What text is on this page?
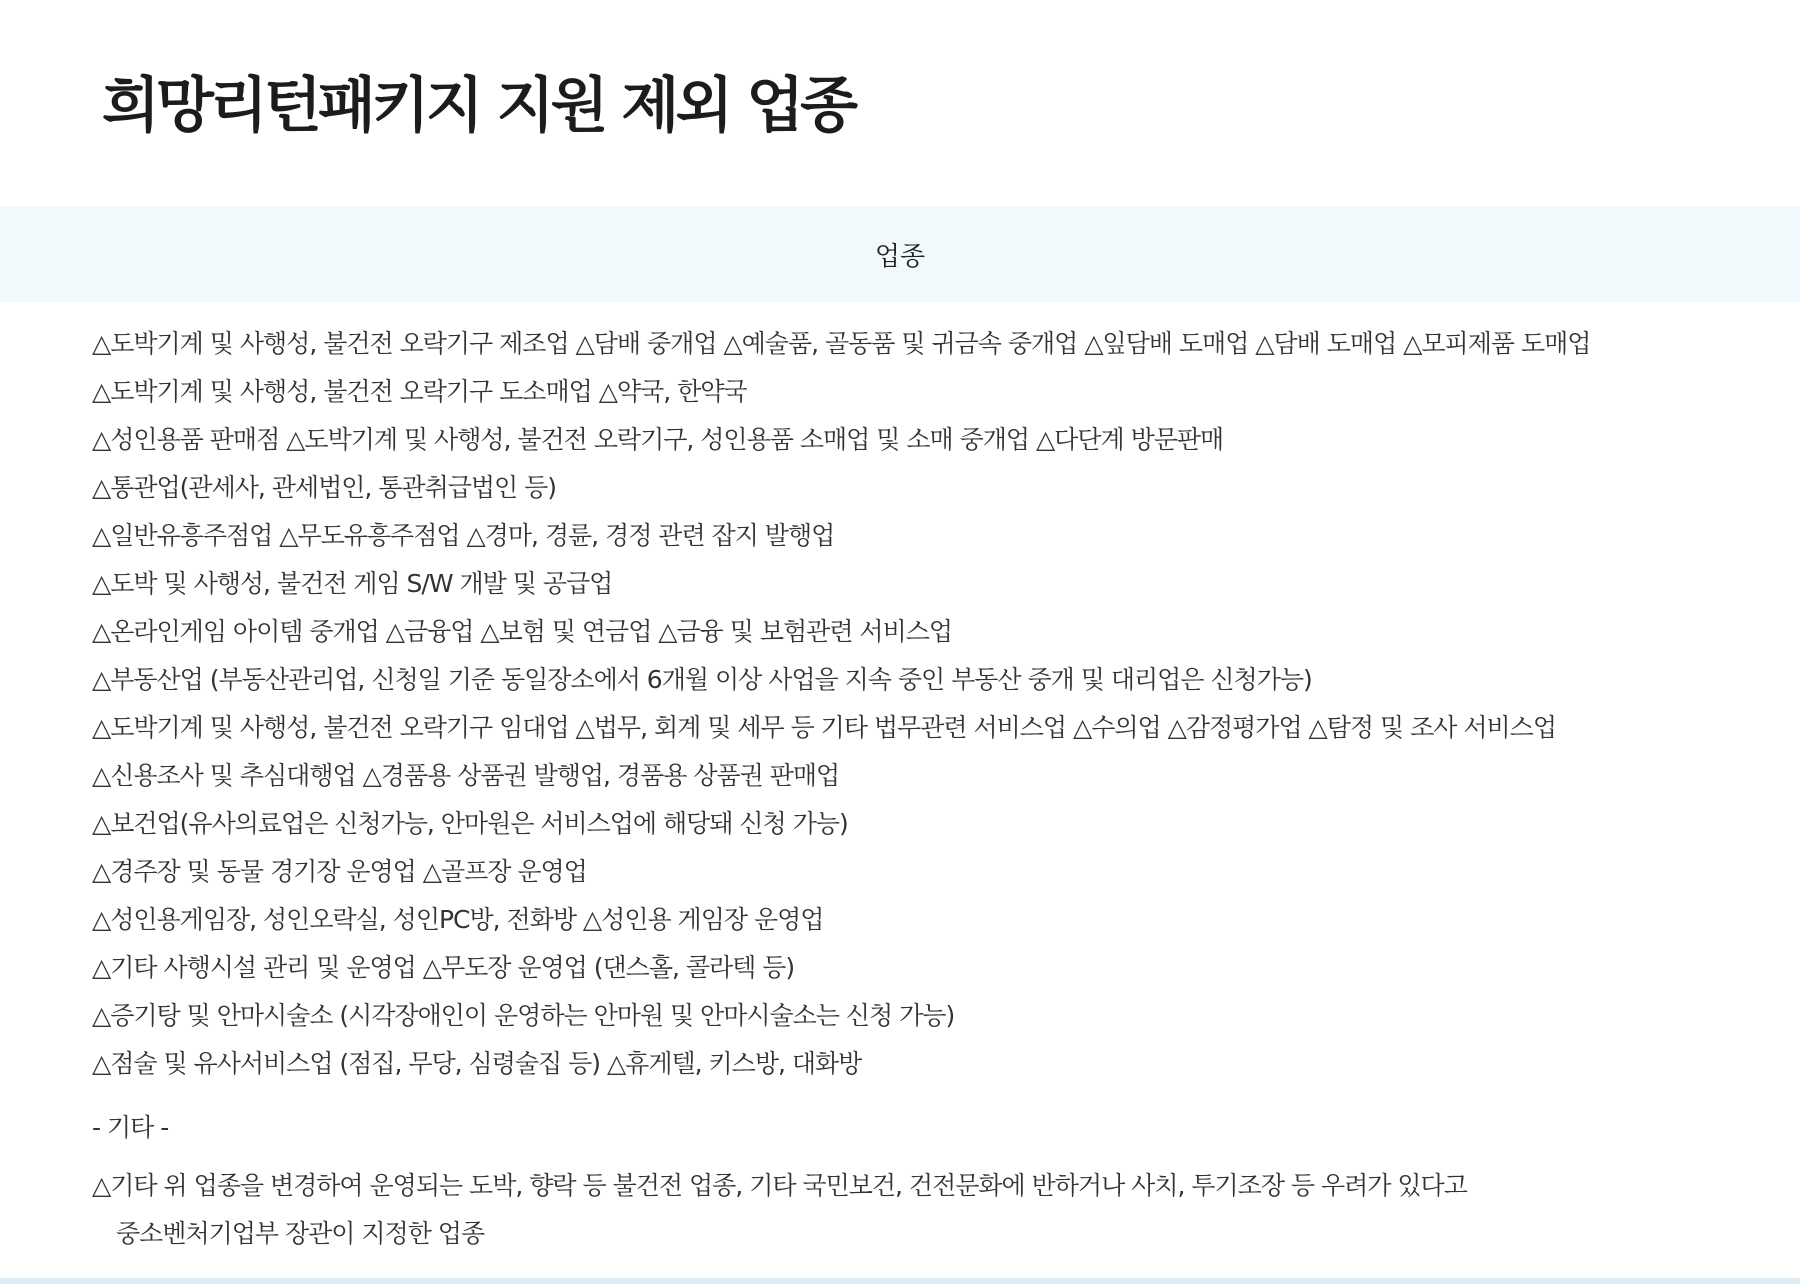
희망리턴패키지 지원 제외 업종
업종
△도박기계 및 사행성, 불건전 오락기구 제조업 △담배 중개업 △예술품, 골동품 및 귀금속 중개업 △잎담배 도매업 △담배 도매업 △모피제품 도매업
△도박기계 및 사행성, 불건전 오락기구 도소매업 △약국, 한약국
△성인용품 판매점 △도박기계 및 사행성, 불건전 오락기구, 성인용품 소매업 및 소매 중개업 △다단계 방문판매
△통관업(관세사, 관세법인, 통관취급법인 등)
△일반유흥주점업 △무도유흥주점업 △경마, 경륜, 경정 관련 잡지 발행업
△도박 및 사행성, 불건전 게임 S/W 개발 및 공급업
△온라인게임 아이템 중개업 △금융업 △보험 및 연금업 △금융 및 보험관련 서비스업
△부동산업 (부동산관리업, 신청일 기준 동일장소에서 6개월 이상 사업을 지속 중인 부동산 중개 및 대리업은 신청가능)
△도박기계 및 사행성, 불건전 오락기구 임대업 △법무, 회계 및 세무 등 기타 법무관련 서비스업 △수의업 △감정평가업 △탐정 및 조사 서비스업
△신용조사 및 추심대행업 △경품용 상품권 발행업, 경품용 상품권 판매업
△보건업(유사의료업은 신청가능, 안마원은 서비스업에 해당돼 신청 가능)
△경주장 및 동물 경기장 운영업 △골프장 운영업
△성인용게임장, 성인오락실, 성인PC방, 전화방 △성인용 게임장 운영업
△기타 사행시설 관리 및 운영업 △무도장 운영업 (댄스홀, 콜라텍 등)
△증기탕 및 안마시술소 (시각장애인이 운영하는 안마원 및 안마시술소는 신청 가능)
△점술 및 유사서비스업 (점집, 무당, 심령술집 등) △휴게텔, 키스방, 대화방
- 기타 -
△기타 위 업종을 변경하여 운영되는 도박, 향락 등 불건전 업종, 기타 국민보건, 건전문화에 반하거나 사치, 투기조장 등 우려가 있다고
중소벤처기업부 장관이 지정한 업종
